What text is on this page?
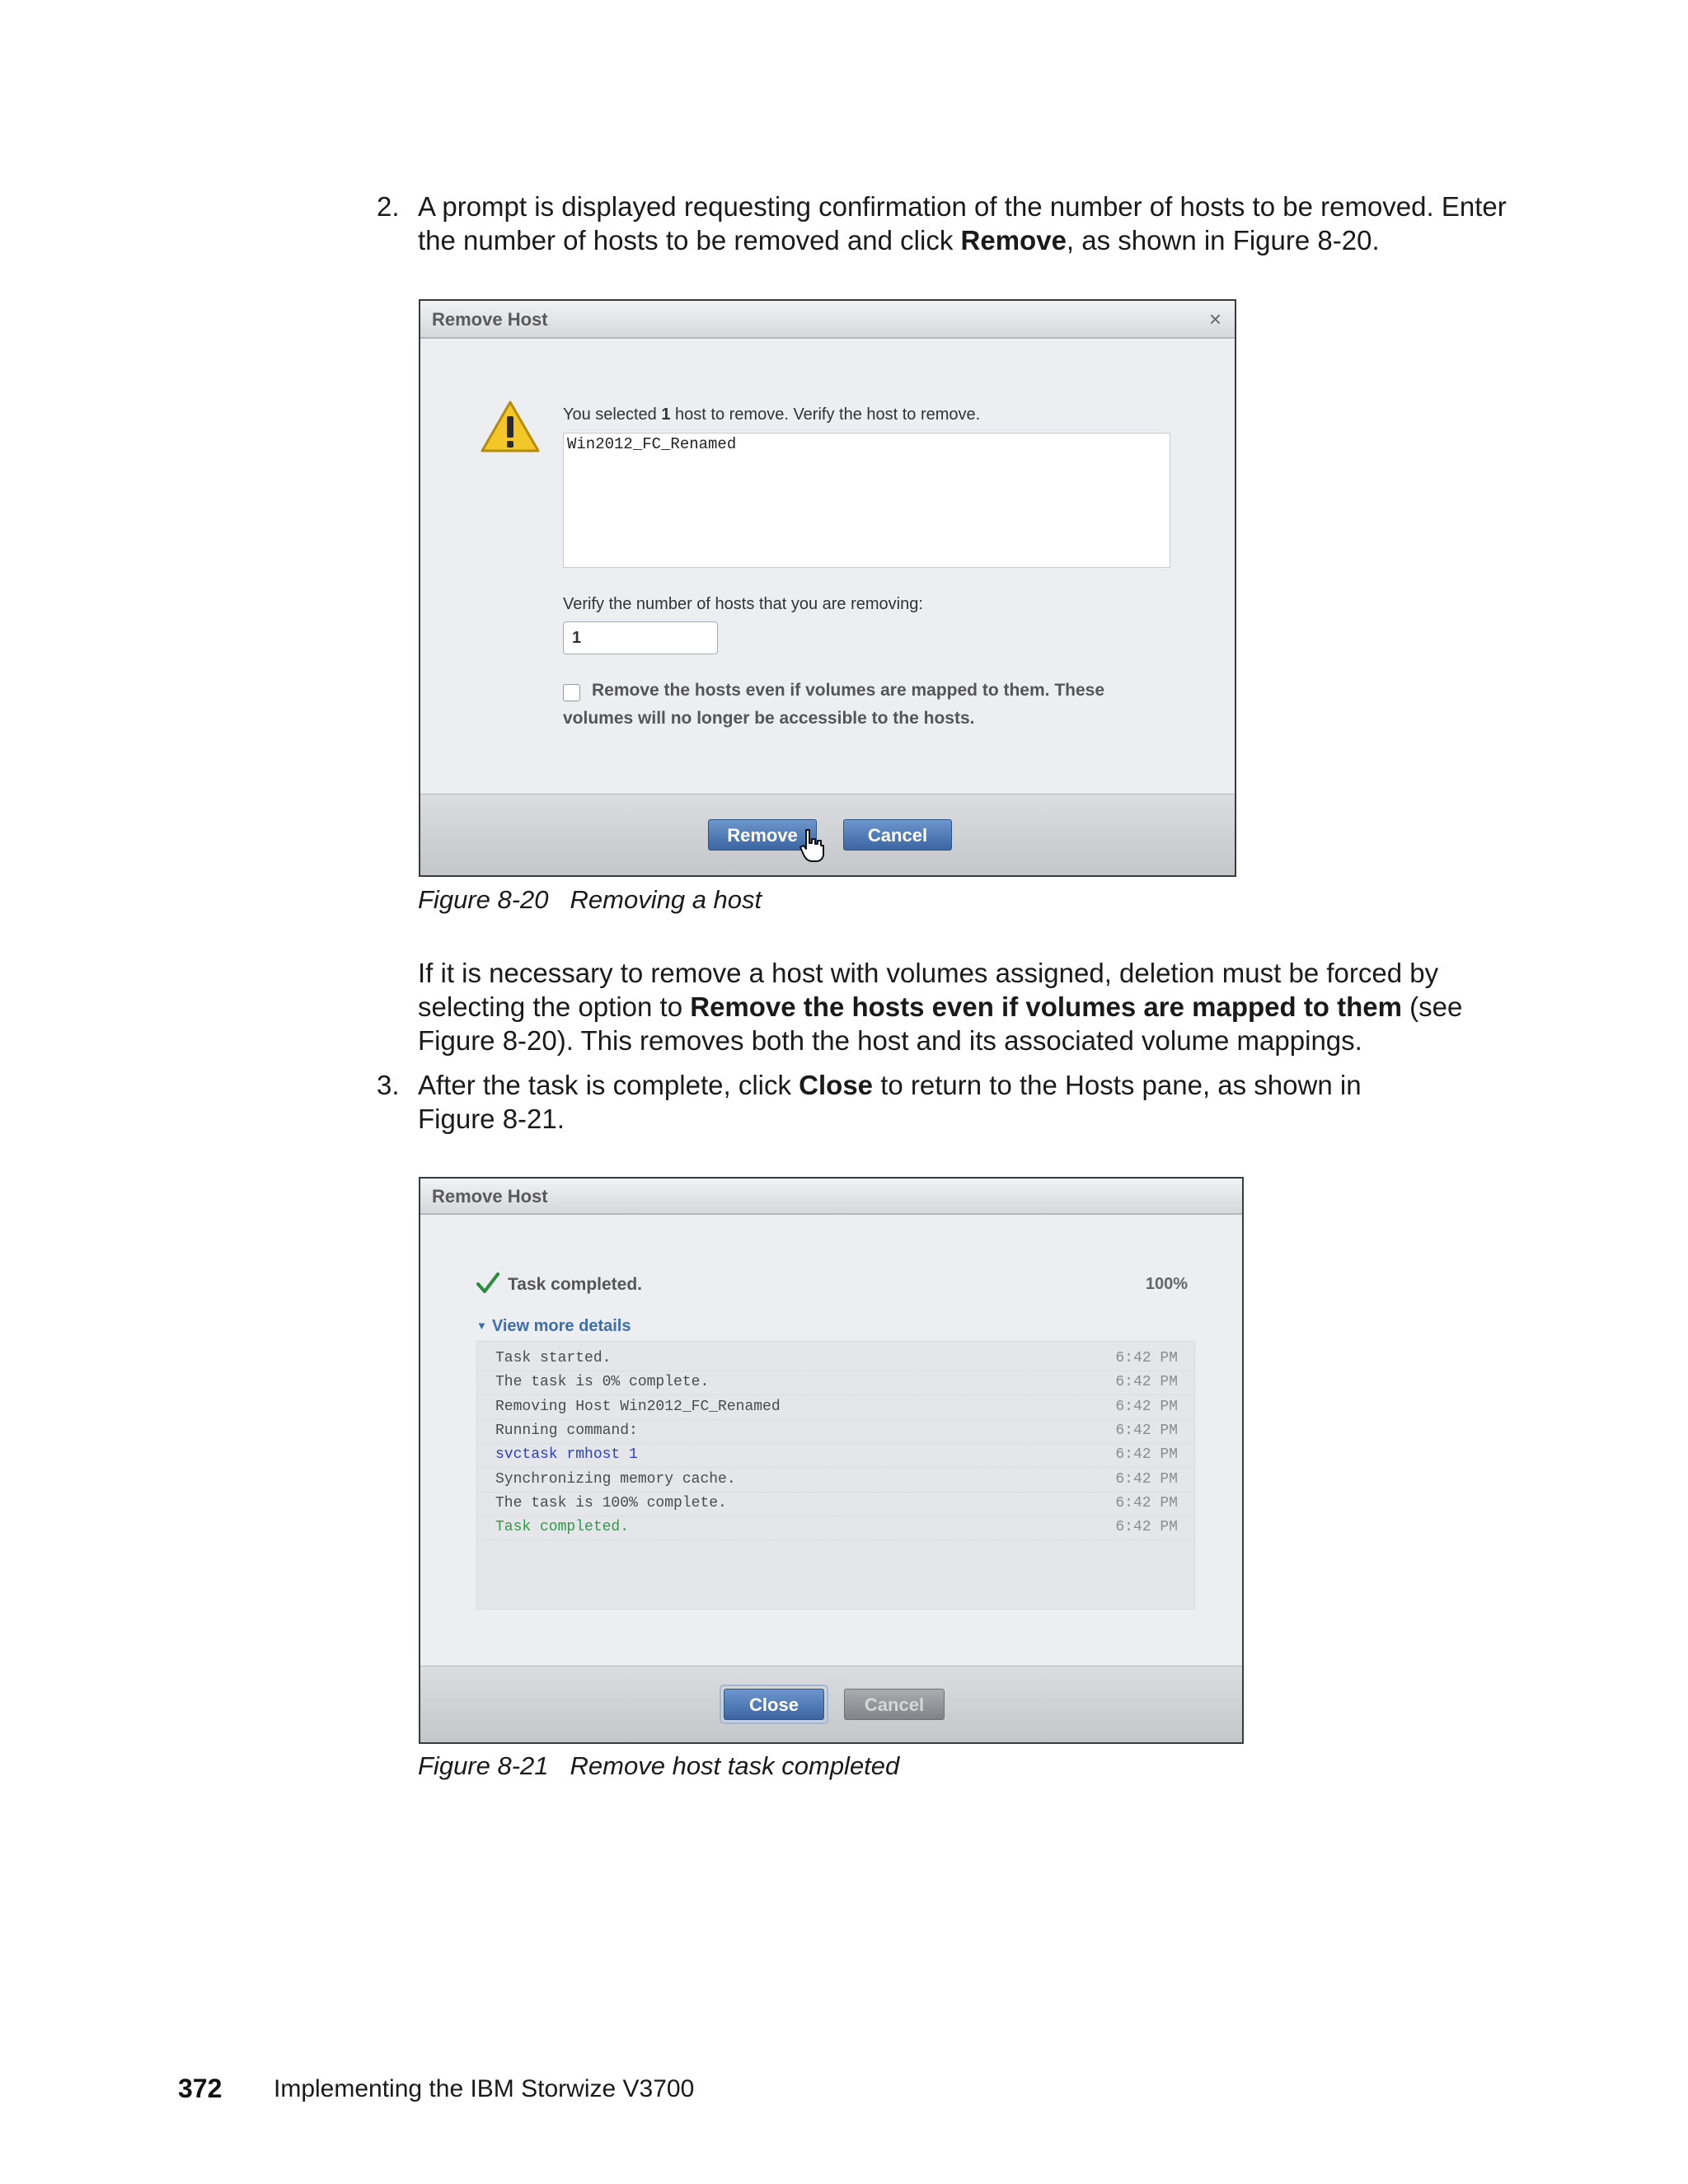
2. A prompt is displayed requesting confirmation of the number of hosts to be removed. Enter the number of hosts to be removed and click Remove, as shown in Figure 8-20.
Remove Host	×
You selected 1 host to remove. Verify the host to remove.
Win2012_FC_Renamed
Verify the number of hosts that you are removing:
1
Remove the hosts even if volumes are mapped to them. These
volumes will no longer be accessible to the hosts.
Remove	Cancel
Figure 8-20 Removing a host
If it is necessary to remove a host with volumes assigned, deletion must be forced by selecting the option to Remove the hosts even if volumes are mapped to them (see Figure 8-20). This removes both the host and its associated volume mappings.
3. After the task is complete, click Close to return to the Hosts pane, as shown in Figure 8-21.
Remove Host
Task completed.	100%
▼ View more details
Task started.	6:42 PM
The task is 0% complete.	6:42 PM
Removing Host Win2012_FC_Renamed	6:42 PM
Running command:	6:42 PM
svctask rmhost 1	6:42 PM
Synchronizing memory cache.	6:42 PM
The task is 100% complete.	6:42 PM
Task completed.	6:42 PM
Close	Cancel
Figure 8-21 Remove host task completed
372 Implementing the IBM Storwize V3700
